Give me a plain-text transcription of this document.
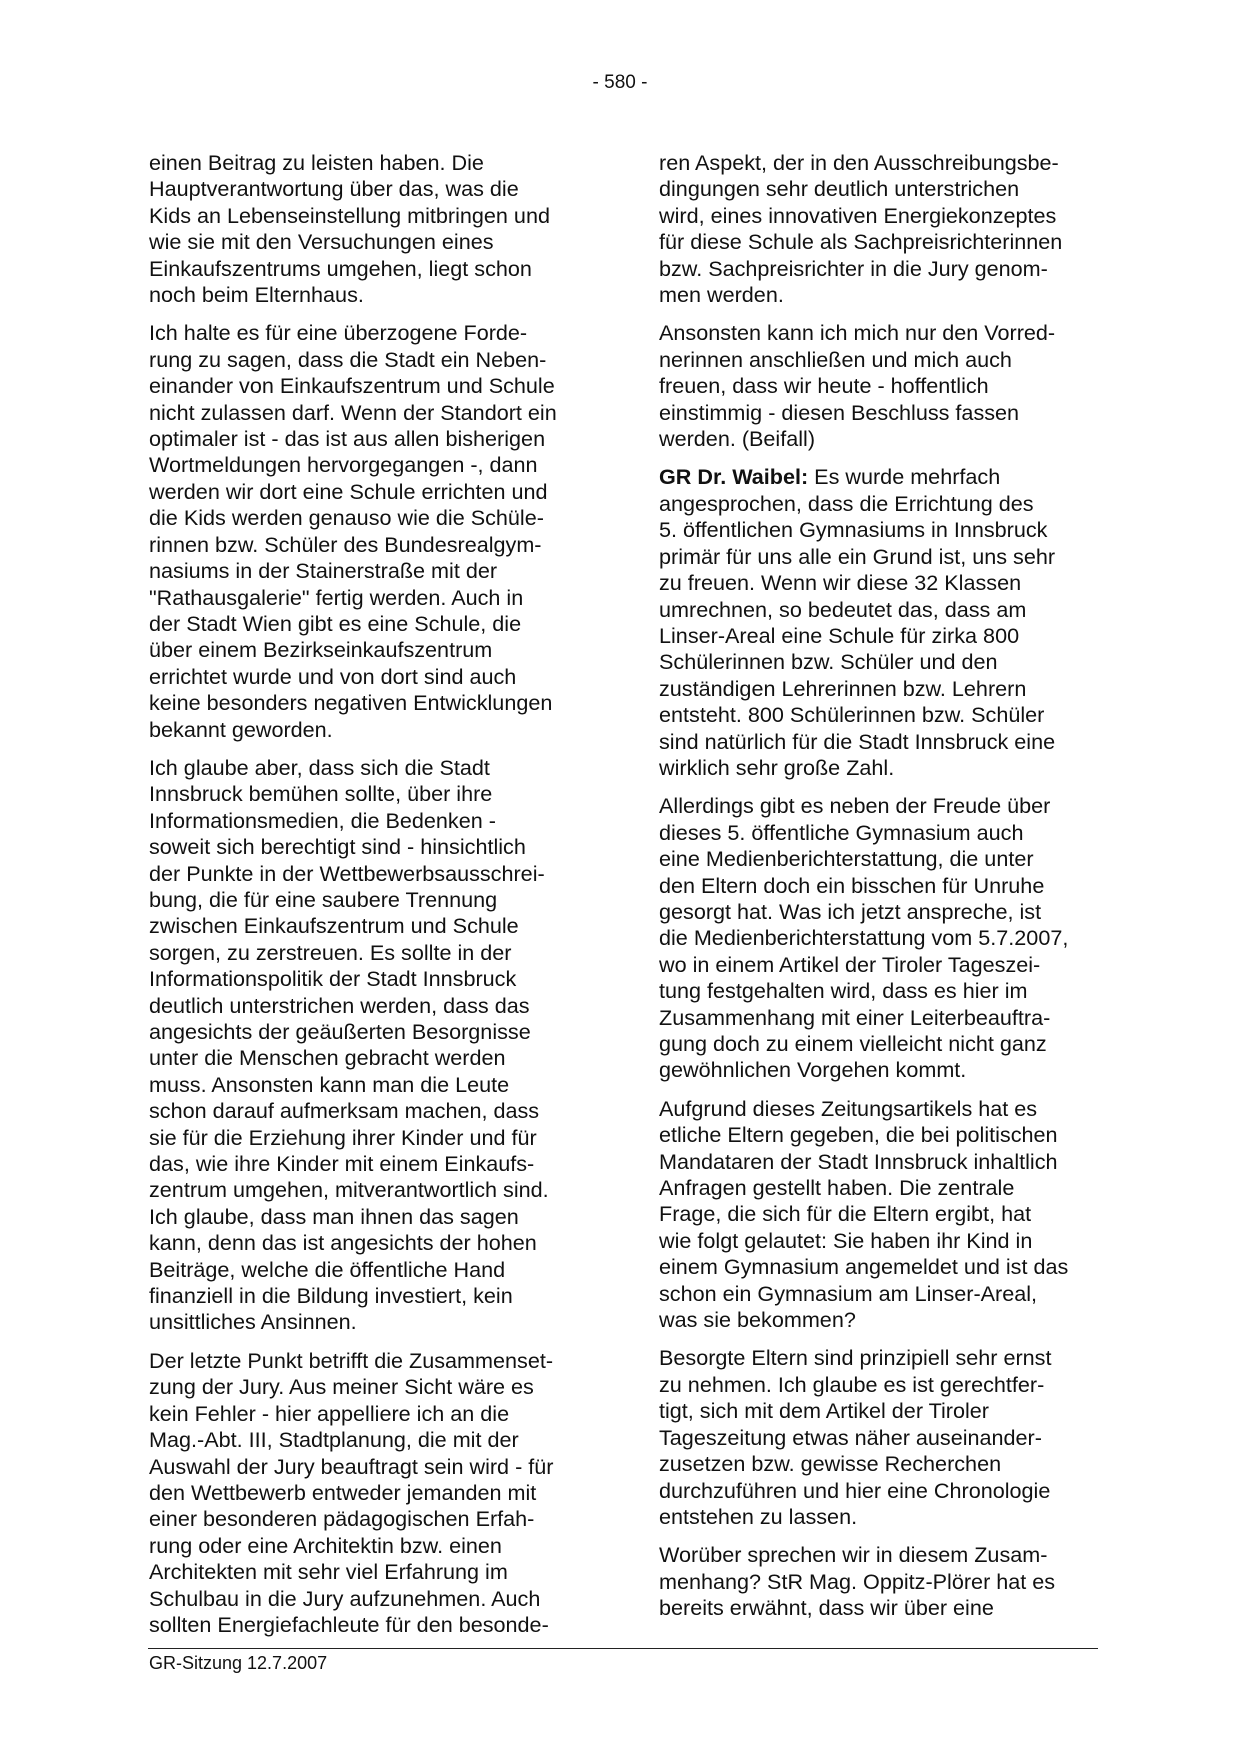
- 580 -

einen Beitrag zu leisten haben. Die
Hauptverantwortung über das, was die
Kids an Lebenseinstellung mitbringen und
wie sie mit den Versuchungen eines
Einkaufszentrums umgehen, liegt schon
noch beim Elternhaus.

Ich halte es für eine überzogene Forde-
rung zu sagen, dass die Stadt ein Neben-
einander von Einkaufszentrum und Schule
nicht zulassen darf. Wenn der Standort ein
optimaler ist - das ist aus allen bisherigen
Wortmeldungen hervorgegangen -, dann
werden wir dort eine Schule errichten und
die Kids werden genauso wie die Schüle-
rinnen bzw. Schüler des Bundesrealgym-
nasiums in der Stainerstraße mit der
"Rathausgalerie" fertig werden. Auch in
der Stadt Wien gibt es eine Schule, die
über einem Bezirkseinkaufszentrum
errichtet wurde und von dort sind auch
keine besonders negativen Entwicklungen
bekannt geworden.

Ich glaube aber, dass sich die Stadt
Innsbruck bemühen sollte, über ihre
Informationsmedien, die Bedenken -
soweit sich berechtigt sind - hinsichtlich
der Punkte in der Wettbewerbsausschrei-
bung, die für eine saubere Trennung
zwischen Einkaufszentrum und Schule
sorgen, zu zerstreuen. Es sollte in der
Informationspolitik der Stadt Innsbruck
deutlich unterstrichen werden, dass das
angesichts der geäußerten Besorgnisse
unter die Menschen gebracht werden
muss. Ansonsten kann man die Leute
schon darauf aufmerksam machen, dass
sie für die Erziehung ihrer Kinder und für
das, wie ihre Kinder mit einem Einkaufs-
zentrum umgehen, mitverantwortlich sind.
Ich glaube, dass man ihnen das sagen
kann, denn das ist angesichts der hohen
Beiträge, welche die öffentliche Hand
finanziell in die Bildung investiert, kein
unsittliches Ansinnen.

Der letzte Punkt betrifft die Zusammenset-
zung der Jury. Aus meiner Sicht wäre es
kein Fehler - hier appelliere ich an die
Mag.-Abt. III, Stadtplanung, die mit der
Auswahl der Jury beauftragt sein wird - für
den Wettbewerb entweder jemanden mit
einer besonderen pädagogischen Erfah-
rung oder eine Architektin bzw. einen
Architekten mit sehr viel Erfahrung im
Schulbau in die Jury aufzunehmen. Auch
sollten Energiefachleute für den besonde-

ren Aspekt, der in den Ausschreibungsbe-
dingungen sehr deutlich unterstrichen
wird, eines innovativen Energiekonzeptes
für diese Schule als Sachpreisrichterinnen
bzw. Sachpreisrichter in die Jury genom-
men werden.

Ansonsten kann ich mich nur den Vorred-
nerinnen anschließen und mich auch
freuen, dass wir heute - hoffentlich
einstimmig - diesen Beschluss fassen
werden. (Beifall)

GR Dr. Waibel: Es wurde mehrfach
angesprochen, dass die Errichtung des
5. öffentlichen Gymnasiums in Innsbruck
primär für uns alle ein Grund ist, uns sehr
zu freuen. Wenn wir diese 32 Klassen
umrechnen, so bedeutet das, dass am
Linser-Areal eine Schule für zirka 800
Schülerinnen bzw. Schüler und den
zuständigen Lehrerinnen bzw. Lehrern
entsteht. 800 Schülerinnen bzw. Schüler
sind natürlich für die Stadt Innsbruck eine
wirklich sehr große Zahl.

Allerdings gibt es neben der Freude über
dieses 5. öffentliche Gymnasium auch
eine Medienberichterstattung, die unter
den Eltern doch ein bisschen für Unruhe
gesorgt hat. Was ich jetzt anspreche, ist
die Medienberichterstattung vom 5.7.2007,
wo in einem Artikel der Tiroler Tageszei-
tung festgehalten wird, dass es hier im
Zusammenhang mit einer Leiterbeauftra-
gung doch zu einem vielleicht nicht ganz
gewöhnlichen Vorgehen kommt.

Aufgrund dieses Zeitungsartikels hat es
etliche Eltern gegeben, die bei politischen
Mandataren der Stadt Innsbruck inhaltlich
Anfragen gestellt haben. Die zentrale
Frage, die sich für die Eltern ergibt, hat
wie folgt gelautet: Sie haben ihr Kind in
einem Gymnasium angemeldet und ist das
schon ein Gymnasium am Linser-Areal,
was sie bekommen?

Besorgte Eltern sind prinzipiell sehr ernst
zu nehmen. Ich glaube es ist gerechtfer-
tigt, sich mit dem Artikel der Tiroler
Tageszeitung etwas näher auseinander-
zusetzen bzw. gewisse Recherchen
durchzuführen und hier eine Chronologie
entstehen zu lassen.

Worüber sprechen wir in diesem Zusam-
menhang? StR Mag. Oppitz-Plörer hat es
bereits erwähnt, dass wir über eine

GR-Sitzung 12.7.2007
